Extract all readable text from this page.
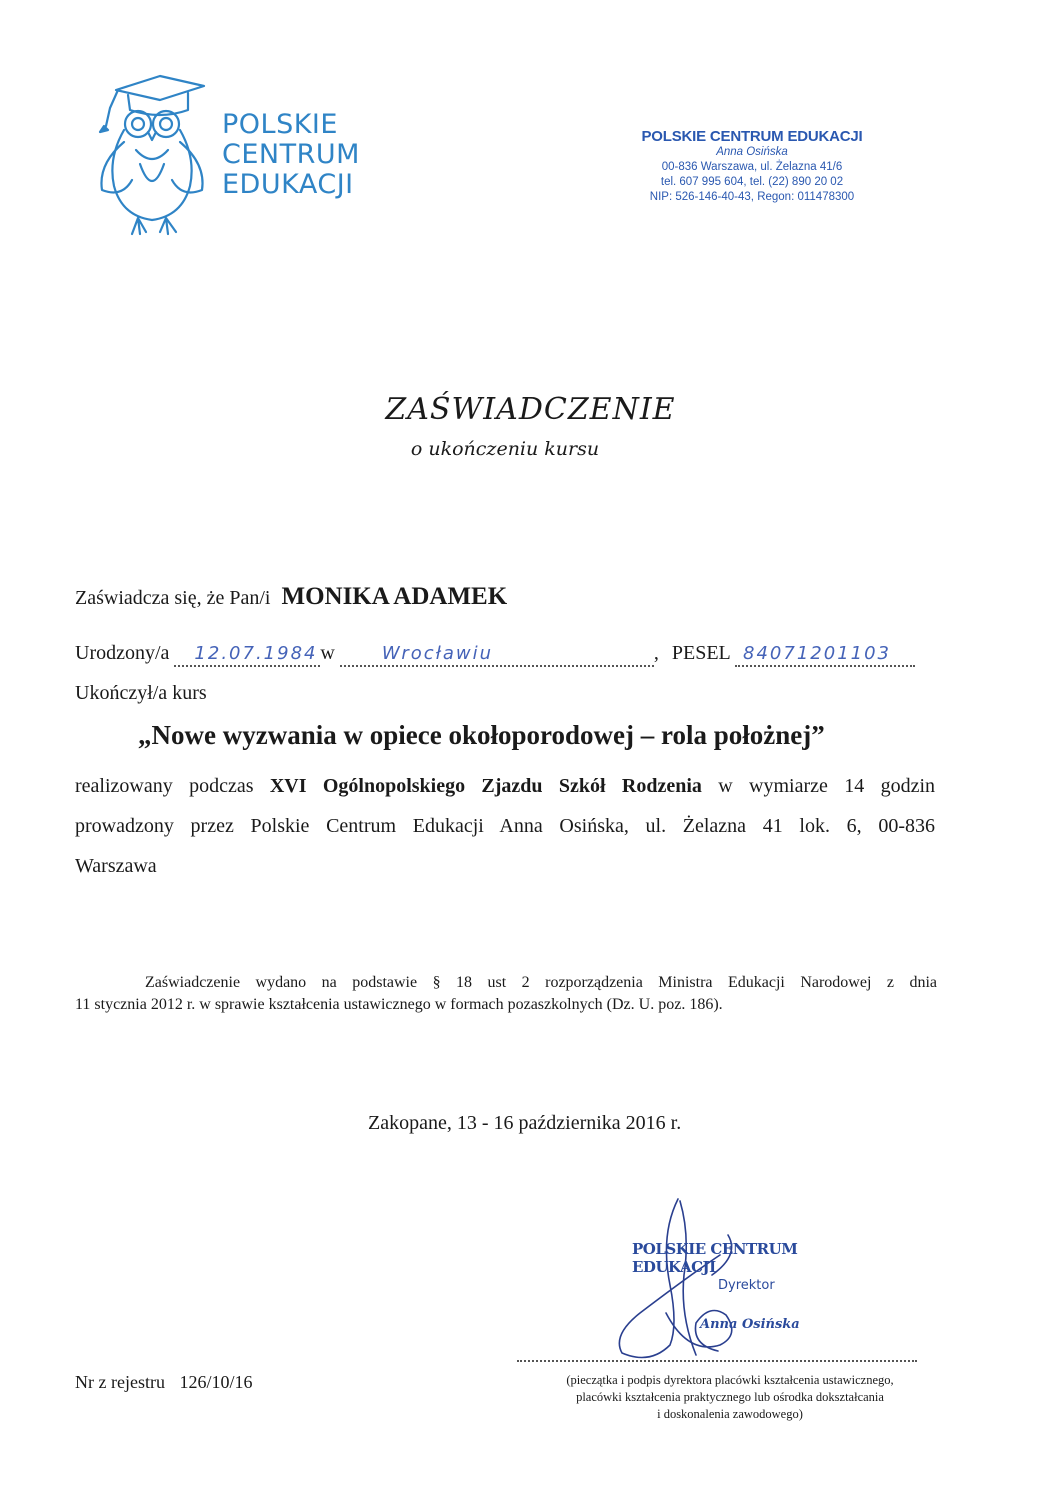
POLSKIE
CENTRUM
EDUKACJI
POLSKIE CENTRUM EDUKACJI
Anna Osińska
00-836 Warszawa, ul. Żelazna 41/6
tel. 607 995 604, tel. (22) 890 20 02
NIP: 526-146-40-43, Regon: 011478300
ZAŚWIADCZENIE
o ukończeniu kursu
Zaświadcza się, że Pan/i MONIKA ADAMEK
Urodzony/a 12.07.1984 w	Wrocławiu	, PESEL 84071201103
Ukończył/a kurs
„Nowe wyzwania w opiece okołoporodowej – rola położnej”
realizowany podczas XVI Ogólnopolskiego Zjazdu Szkół Rodzenia w wymiarze 14 godzin
prowadzony przez Polskie Centrum Edukacji Anna Osińska, ul. Żelazna 41 lok. 6, 00-836
Warszawa
Zaświadczenie wydano na podstawie § 18 ust 2 rozporządzenia Ministra Edukacji Narodowej z dnia
11 stycznia 2012 r. w sprawie kształcenia ustawicznego w formach pozaszkolnych (Dz. U. poz. 186).
Zakopane, 13 - 16 października 2016 r.
POLSKIE CENTRUM EDUKACJI
Dyrektor
Anna Osińska
(pieczątka i podpis dyrektora placówki kształcenia ustawicznego,
placówki kształcenia praktycznego lub ośrodka dokształcania
i doskonalenia zawodowego)
Nr z rejestru 126/10/16
